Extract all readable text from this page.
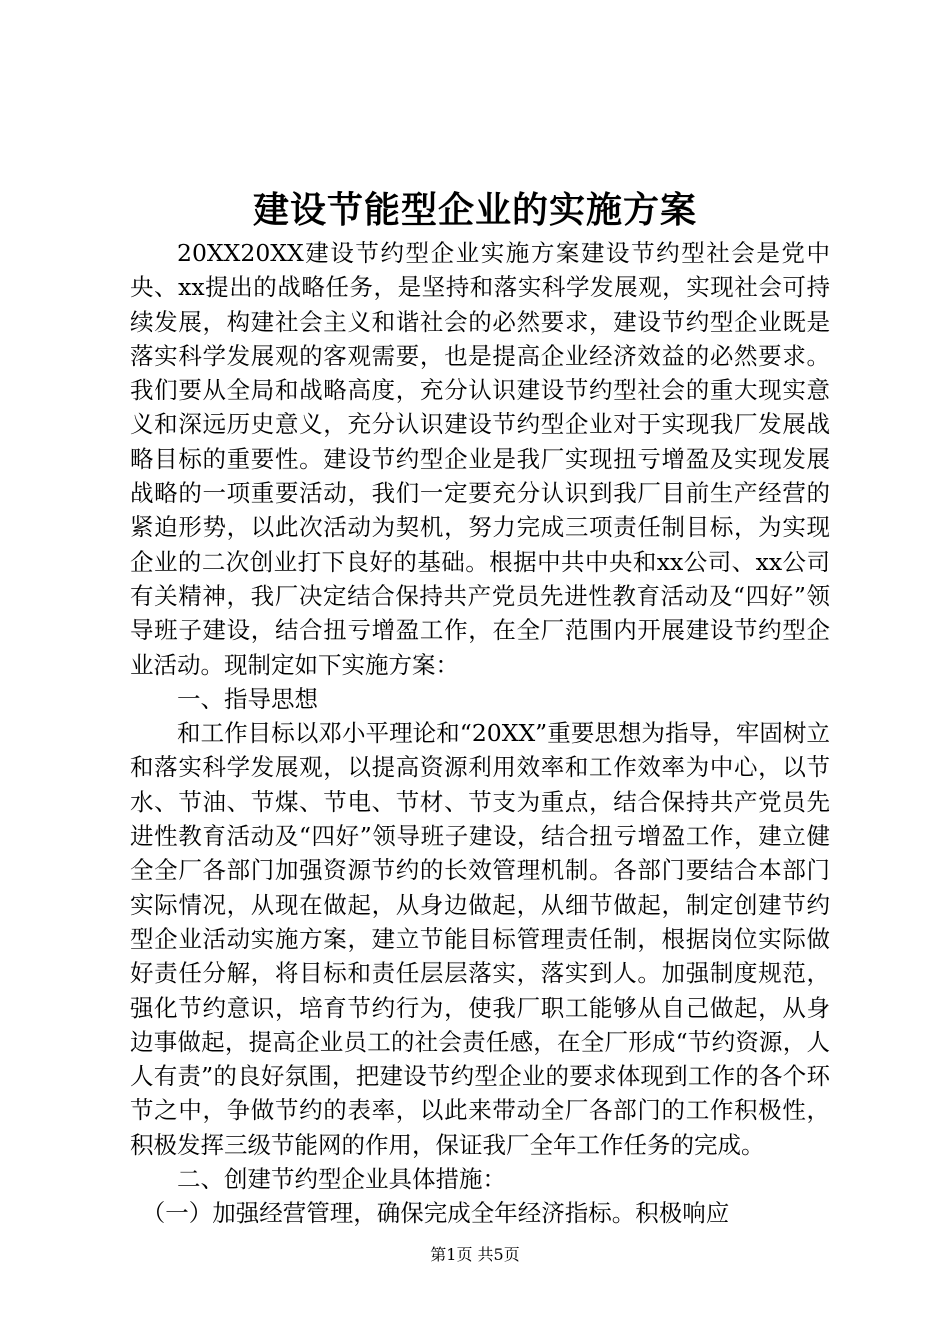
建设节能型企业的实施方案

20XX20XX建设节约型企业实施方案建设节约型社会是党中央、xx提出的战略任务，是坚持和落实科学发展观，实现社会可持续发展，构建社会主义和谐社会的必然要求，建设节约型企业既是落实科学发展观的客观需要，也是提高企业经济效益的必然要求。我们要从全局和战略高度，充分认识建设节约型社会的重大现实意义和深远历史意义，充分认识建设节约型企业对于实现我厂发展战略目标的重要性。建设节约型企业是我厂实现扭亏增盈及实现发展战略的一项重要活动，我们一定要充分认识到我厂目前生产经营的紧迫形势，以此次活动为契机，努力完成三项责任制目标，为实现企业的二次创业打下良好的基础。根据中共中央和xx公司、xx公司有关精神，我厂决定结合保持共产党员先进性教育活动及“四好”领导班子建设，结合扭亏增盈工作，在全厂范围内开展建设节约型企业活动。现制定如下实施方案：

一、指导思想

和工作目标以邓小平理论和“20XX”重要思想为指导，牢固树立和落实科学发展观，以提高资源利用效率和工作效率为中心，以节水、节油、节煤、节电、节材、节支为重点，结合保持共产党员先进性教育活动及“四好”领导班子建设，结合扭亏增盈工作，建立健全全厂各部门加强资源节约的长效管理机制。各部门要结合本部门实际情况，从现在做起，从身边做起，从细节做起，制定创建节约型企业活动实施方案，建立节能目标管理责任制，根据岗位实际做好责任分解，将目标和责任层层落实，落实到人。加强制度规范，强化节约意识，培育节约行为，使我厂职工能够从自己做起，从身边事做起，提高企业员工的社会责任感，在全厂形成“节约资源，人人有责”的良好氛围，把建设节约型企业的要求体现到工作的各个环节之中，争做节约的表率，以此来带动全厂各部门的工作积极性，积极发挥三级节能网的作用，保证我厂全年工作任务的完成。

二、创建节约型企业具体措施：

（一）加强经营管理，确保完成全年经济指标。积极响应

第1页 共5页
